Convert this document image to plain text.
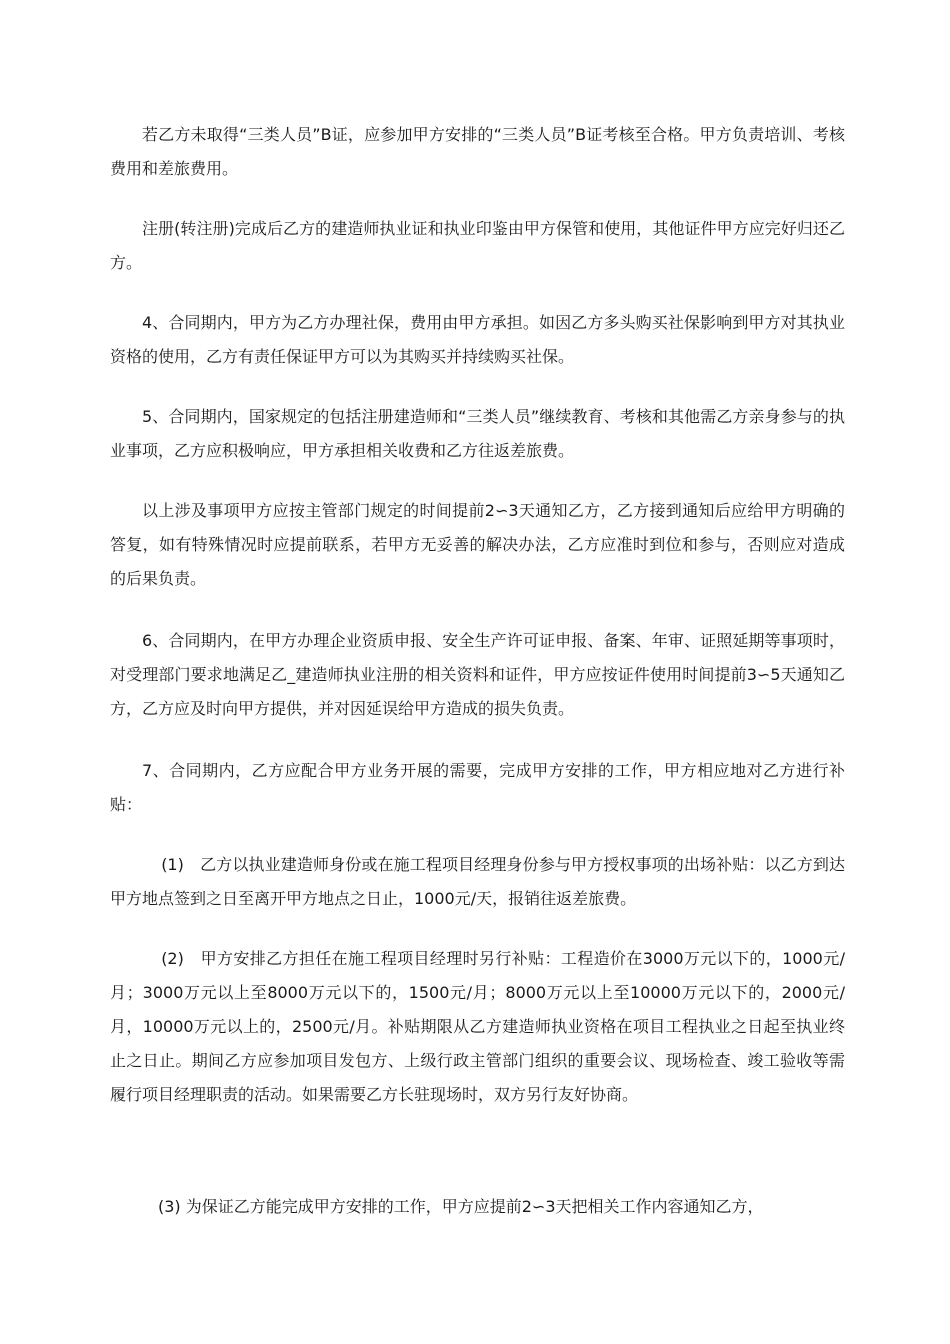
若乙方未取得“三类人员”B证，应参加甲方安排的“三类人员”B证考核至合格。甲方负责培训、考核费用和差旅费用。

注册(转注册)完成后乙方的建造师执业证和执业印鉴由甲方保管和使用，其他证件甲方应完好归还乙方。

4、合同期内，甲方为乙方办理社保，费用由甲方承担。如因乙方多头购买社保影响到甲方对其执业资格的使用，乙方有责任保证甲方可以为其购买并持续购买社保。

5、合同期内，国家规定的包括注册建造师和“三类人员”继续教育、考核和其他需乙方亲身参与的执业事项，乙方应积极响应，甲方承担相关收费和乙方往返差旅费。

以上涉及事项甲方应按主管部门规定的时间提前2∽3天通知乙方，乙方接到通知后应给甲方明确的答复，如有特殊情况时应提前联系，若甲方无妥善的解决办法，乙方应准时到位和参与，否则应对造成的后果负责。

6、合同期内，在甲方办理企业资质申报、安全生产许可证申报、备案、年审、证照延期等事项时，对受理部门要求地满足乙_建造师执业注册的相关资料和证件，甲方应按证件使用时间提前3∽5天通知乙方，乙方应及时向甲方提供，并对因延误给甲方造成的损失负责。

7、合同期内，乙方应配合甲方业务开展的需要，完成甲方安排的工作，甲方相应地对乙方进行补贴：

(1)　乙方以执业建造师身份或在施工程项目经理身份参与甲方授权事项的出场补贴：以乙方到达甲方地点签到之日至离开甲方地点之日止，1000元/天，报销往返差旅费。

(2)　甲方安排乙方担任在施工程项目经理时另行补贴：工程造价在3000万元以下的，1000元/月；3000万元以上至8000万元以下的，1500元/月；8000万元以上至10000万元以下的，2000元/月，10000万元以上的，2500元/月。补贴期限从乙方建造师执业资格在项目工程执业之日起至执业终止之日止。期间乙方应参加项目发包方、上级行政主管部门组织的重要会议、现场检查、竣工验收等需履行项目经理职责的活动。如果需要乙方长驻现场时，双方另行友好协商。

(3) 为保证乙方能完成甲方安排的工作，甲方应提前2∽3天把相关工作内容通知乙方，
